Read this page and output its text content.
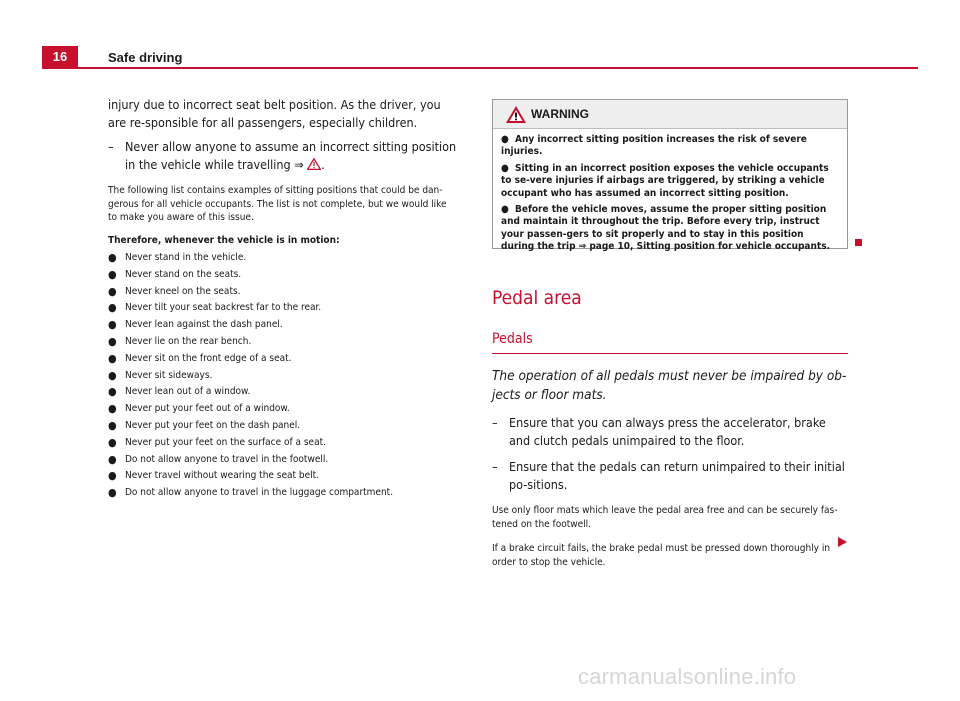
16	Safe driving

injury due to incorrect seat belt position. As the driver, you are re-sponsible for all passengers, especially children.

– Never allow anyone to assume an incorrect sitting position in the vehicle while travelling ⇒ .

The following list contains examples of sitting positions that could be dan-gerous for all vehicle occupants. The list is not complete, but we would like to make you aware of this issue.

Therefore, whenever the vehicle is in motion:

● Never stand in the vehicle.
● Never stand on the seats.
● Never kneel on the seats.
● Never tilt your seat backrest far to the rear.
● Never lean against the dash panel.
● Never lie on the rear bench.
● Never sit on the front edge of a seat.
● Never sit sideways.
● Never lean out of a window.
● Never put your feet out of a window.
● Never put your feet on the dash panel.
● Never put your feet on the surface of a seat.
● Do not allow anyone to travel in the footwell.
● Never travel without wearing the seat belt.
● Do not allow anyone to travel in the luggage compartment.
WARNING

● Any incorrect sitting position increases the risk of severe injuries.

● Sitting in an incorrect position exposes the vehicle occupants to se-vere injuries if airbags are triggered, by striking a vehicle occupant who has assumed an incorrect sitting position.

● Before the vehicle moves, assume the proper sitting position and maintain it throughout the trip. Before every trip, instruct your passen-gers to sit properly and to stay in this position during the trip ⇒ page 10, Sitting position for vehicle occupants.

Pedal area
Pedals

The operation of all pedals must never be impaired by ob-jects or floor mats.

– Ensure that you can always press the accelerator, brake and clutch pedals unimpaired to the floor.
– Ensure that the pedals can return unimpaired to their initial po-sitions.

Use only floor mats which leave the pedal area free and can be securely fas-tened on the footwell.

If a brake circuit fails, the brake pedal must be pressed down thoroughly in order to stop the vehicle.

carmanualsonline.info
